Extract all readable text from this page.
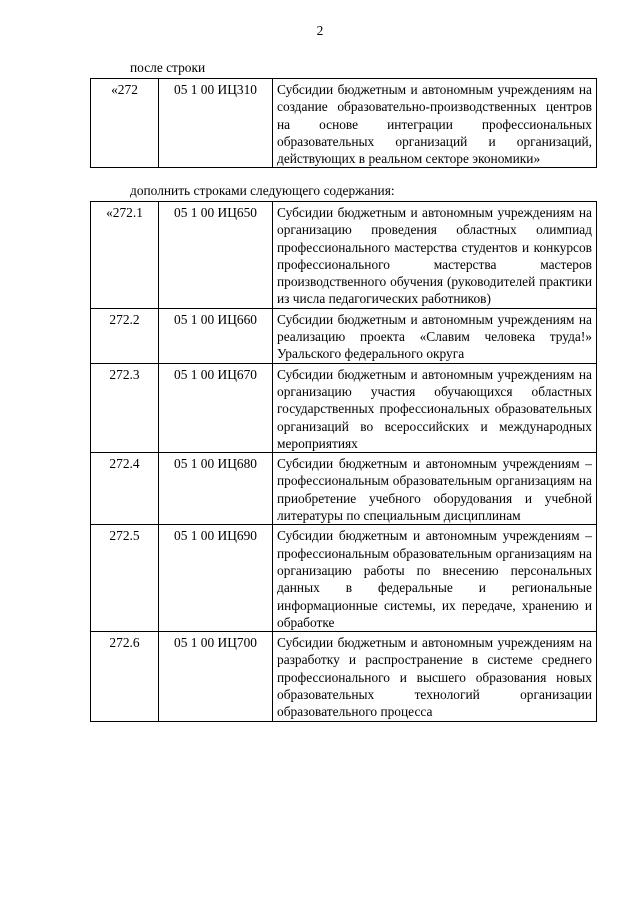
2
после строки
«272	05 1 00 ИЦ310	Субсидии бюджетным и автономным учреждениям на создание образовательно-производственных центров на основе интеграции профессиональных образовательных организаций и организаций, действующих в реальном секторе экономики»
дополнить строками следующего содержания:
«272.1	05 1 00 ИЦ650	Субсидии бюджетным и автономным учреждениям на организацию проведения областных олимпиад профессионального мастерства студентов и конкурсов профессионального мастерства мастеров производственного обучения (руководителей практики из числа педагогических работников)
272.2	05 1 00 ИЦ660	Субсидии бюджетным и автономным учреждениям на реализацию проекта «Славим человека труда!» Уральского федерального округа
272.3	05 1 00 ИЦ670	Субсидии бюджетным и автономным учреждениям на организацию участия обучающихся областных государственных профессиональных образовательных организаций во всероссийских и международных мероприятиях
272.4	05 1 00 ИЦ680	Субсидии бюджетным и автономным учреждениям – профессиональным образовательным организациям на приобретение учебного оборудования и учебной литературы по специальным дисциплинам
272.5	05 1 00 ИЦ690	Субсидии бюджетным и автономным учреждениям – профессиональным образовательным организациям на организацию работы по внесению персональных данных в федеральные и региональные информационные системы, их передаче, хранению и обработке
272.6	05 1 00 ИЦ700	Субсидии бюджетным и автономным учреждениям на разработку и распространение в системе среднего профессионального и высшего образования новых образовательных технологий организации образовательного процесса
